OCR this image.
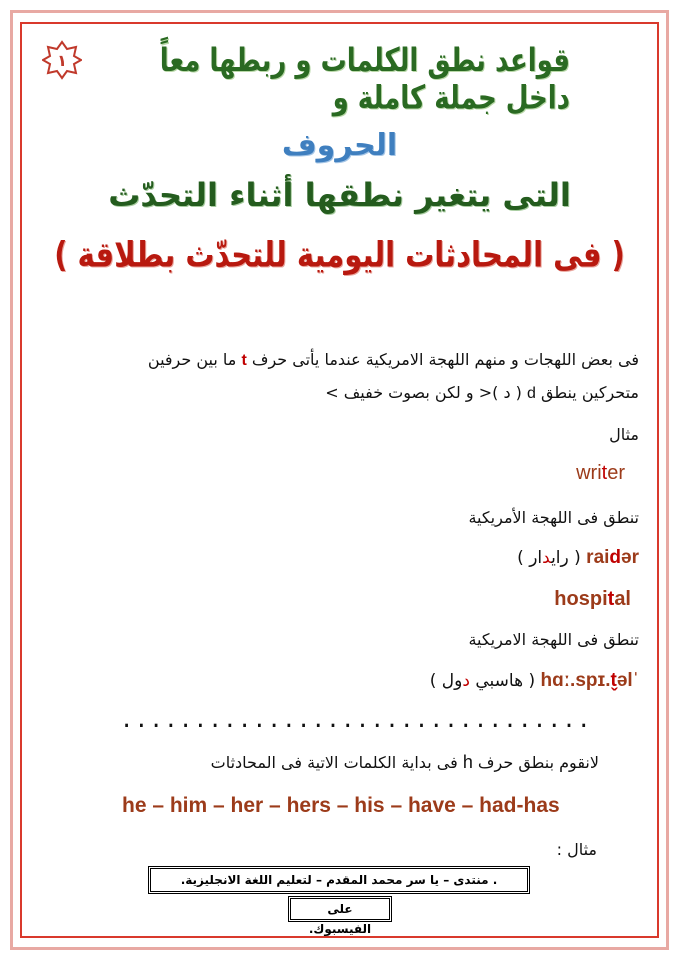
١	قواعد نطق الكلمات و ربطها معاً داخل جملة كاملة و
الحروف
التى يتغير نطقها أثناء التحدّث
( فى المحادثات اليومية للتحدّث بطلاقة )
فى بعض اللهجات و منهم اللهجة الامريكية عندما يأتى حرف t ما بين حرفين
متحركين ينطق d ( د )< و لكن بصوت خفيف >
مثال
writer
تنطق فى اللهجة الأمريكية
raidər ( رايدار )
hospital
تنطق فى اللهجة الامريكية
ˈhɑː.spɪ.t̬əl ( هاسبي دول )
................................
لانقوم بنطق حرف h فى بداية الكلمات الاتية فى المحادثات
he – him – her – hers – his – have – had-has
مثال :
. منتدى – يا سر محمد المقدم – لتعليم اللغة الانجليزية.
على الفيسبوك.
